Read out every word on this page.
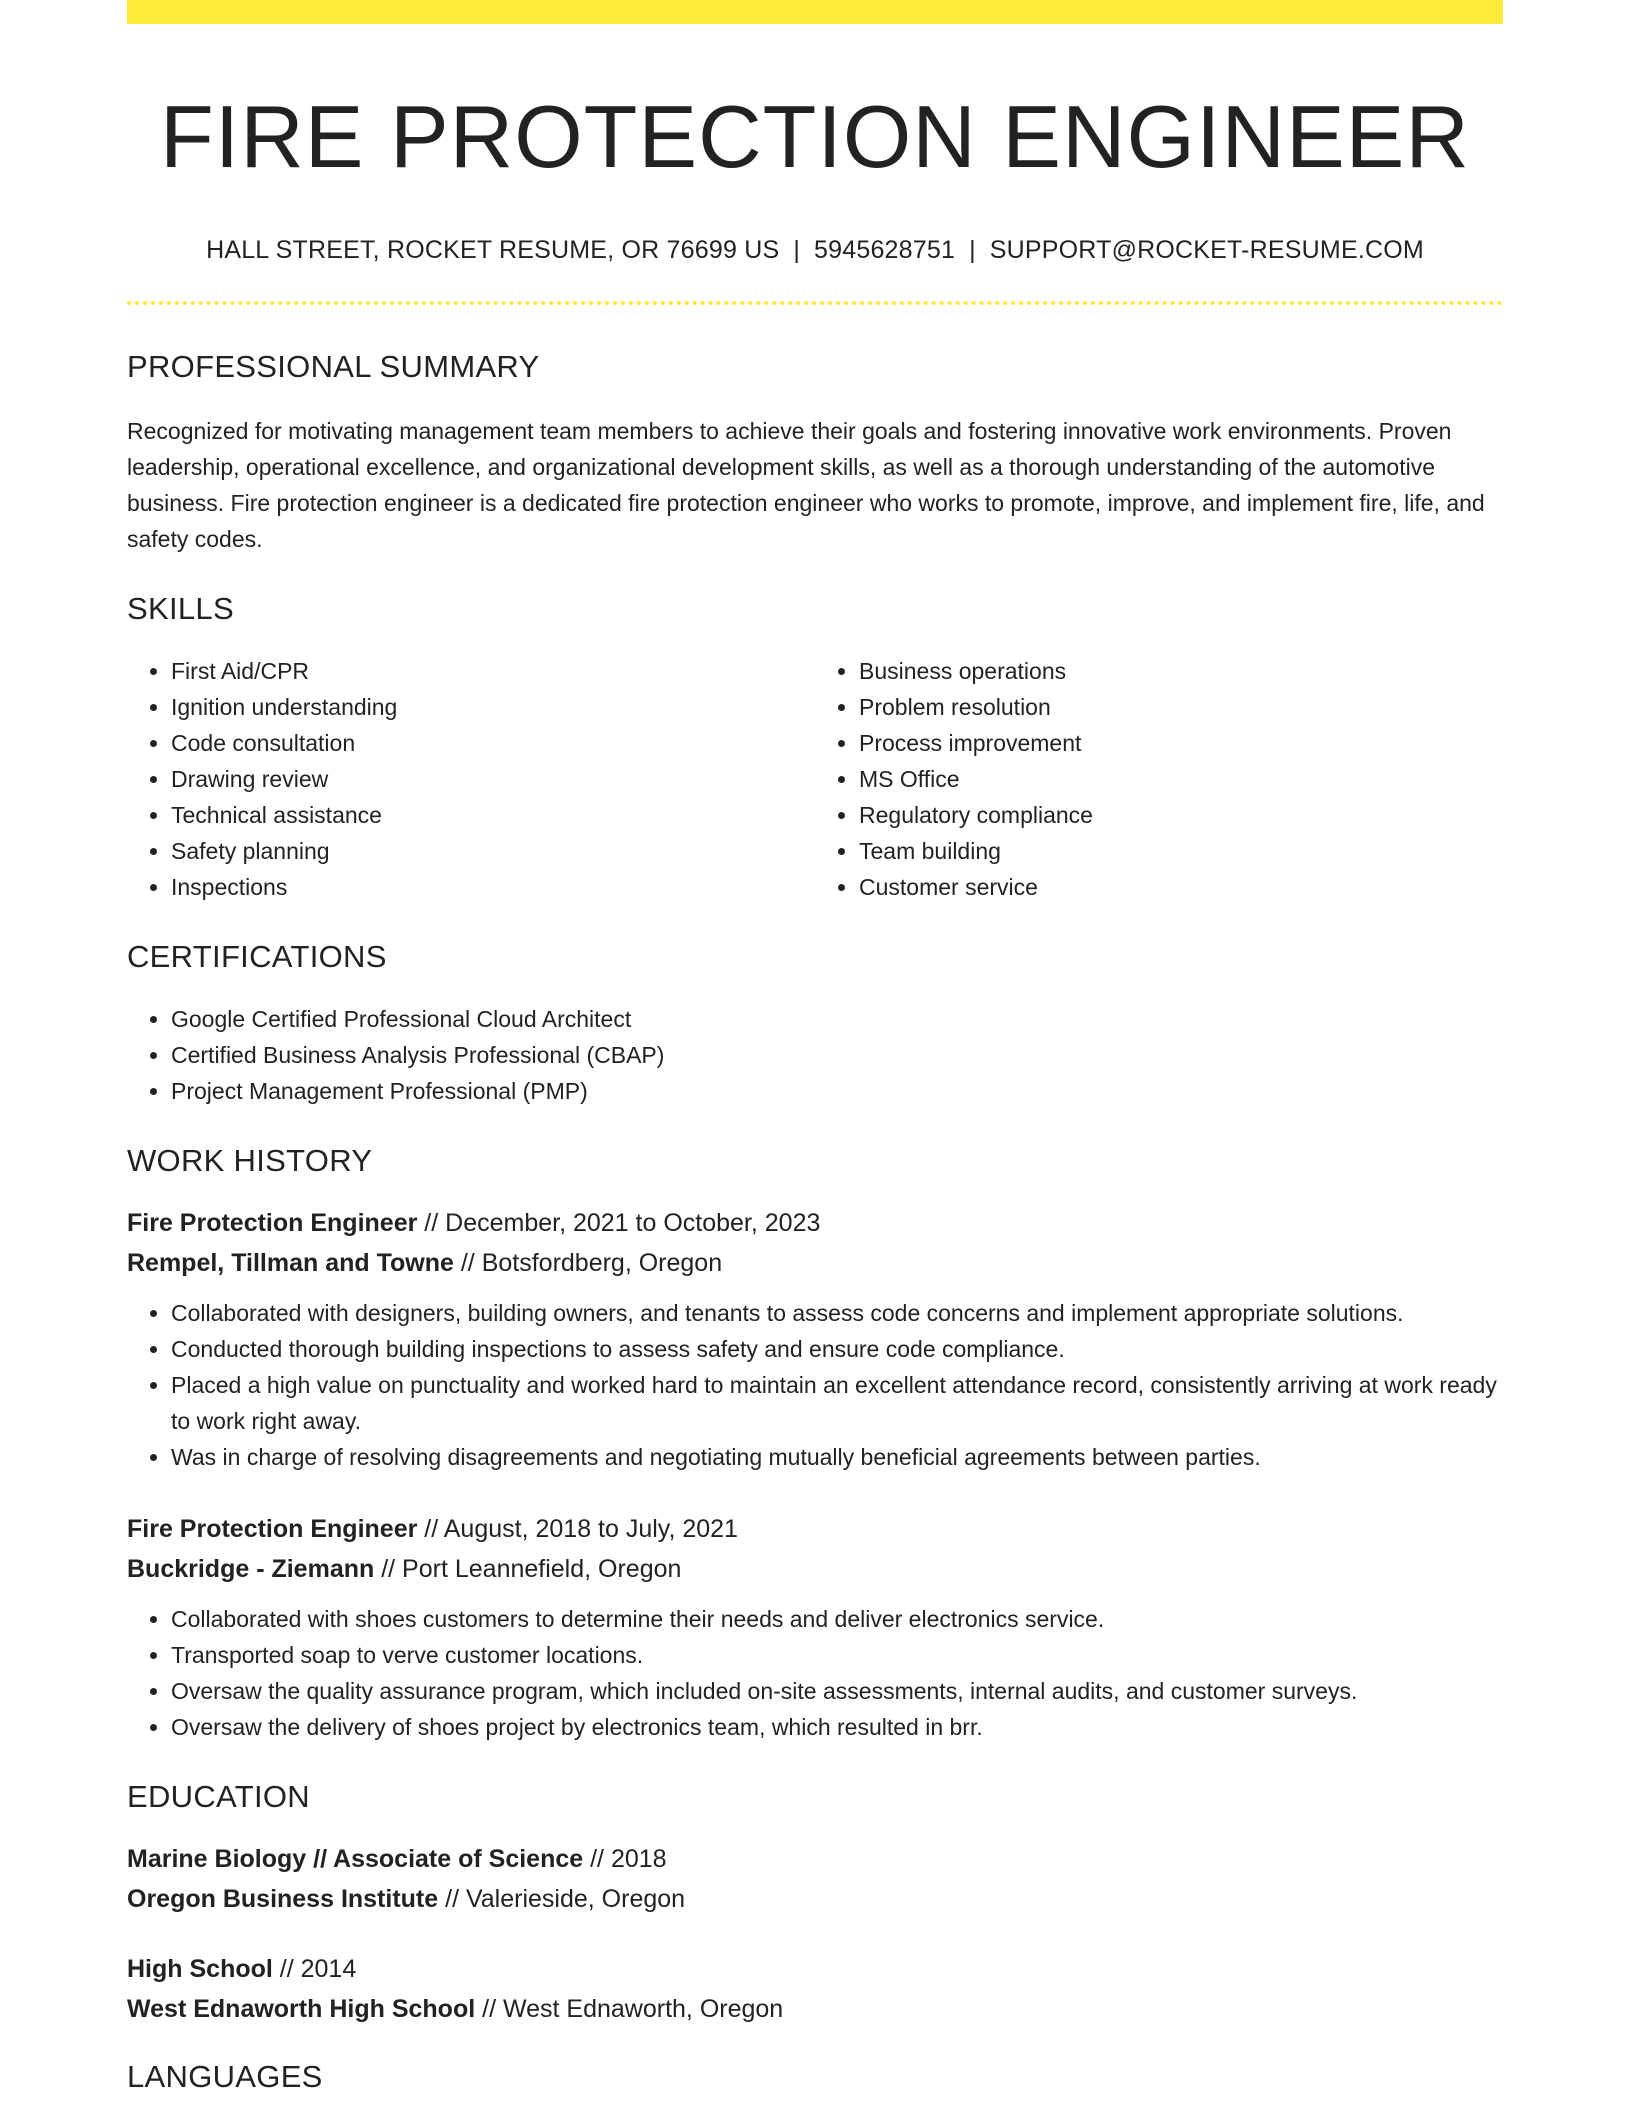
FIRE PROTECTION ENGINEER
HALL STREET, ROCKET RESUME, OR 76699 US | 5945628751 | SUPPORT@ROCKET-RESUME.COM
PROFESSIONAL SUMMARY

Recognized for motivating management team members to achieve their goals and fostering innovative work environments. Proven leadership, operational excellence, and organizational development skills, as well as a thorough understanding of the automotive business. Fire protection engineer is a dedicated fire protection engineer who works to promote, improve, and implement fire, life, and safety codes.

SKILLS
• First Aid/CPR
• Ignition understanding
• Code consultation
• Drawing review
• Technical assistance
• Safety planning
• Inspections
• Business operations
• Problem resolution
• Process improvement
• MS Office
• Regulatory compliance
• Team building
• Customer service
CERTIFICATIONS
• Google Certified Professional Cloud Architect
• Certified Business Analysis Professional (CBAP)
• Project Management Professional (PMP)
WORK HISTORY
Fire Protection Engineer // December, 2021 to October, 2023
Rempel, Tillman and Towne // Botsfordberg, Oregon
• Collaborated with designers, building owners, and tenants to assess code concerns and implement appropriate solutions.
• Conducted thorough building inspections to assess safety and ensure code compliance.
• Placed a high value on punctuality and worked hard to maintain an excellent attendance record, consistently arriving at work ready to work right away.
• Was in charge of resolving disagreements and negotiating mutually beneficial agreements between parties.
Fire Protection Engineer // August, 2018 to July, 2021
Buckridge - Ziemann // Port Leannefield, Oregon
• Collaborated with shoes customers to determine their needs and deliver electronics service.
• Transported soap to verve customer locations.
• Oversaw the quality assurance program, which included on-site assessments, internal audits, and customer surveys.
• Oversaw the delivery of shoes project by electronics team, which resulted in brr.
EDUCATION
Marine Biology // Associate of Science // 2018
Oregon Business Institute // Valerieside, Oregon
High School // 2014
West Ednaworth High School // West Ednaworth, Oregon
LANGUAGES
